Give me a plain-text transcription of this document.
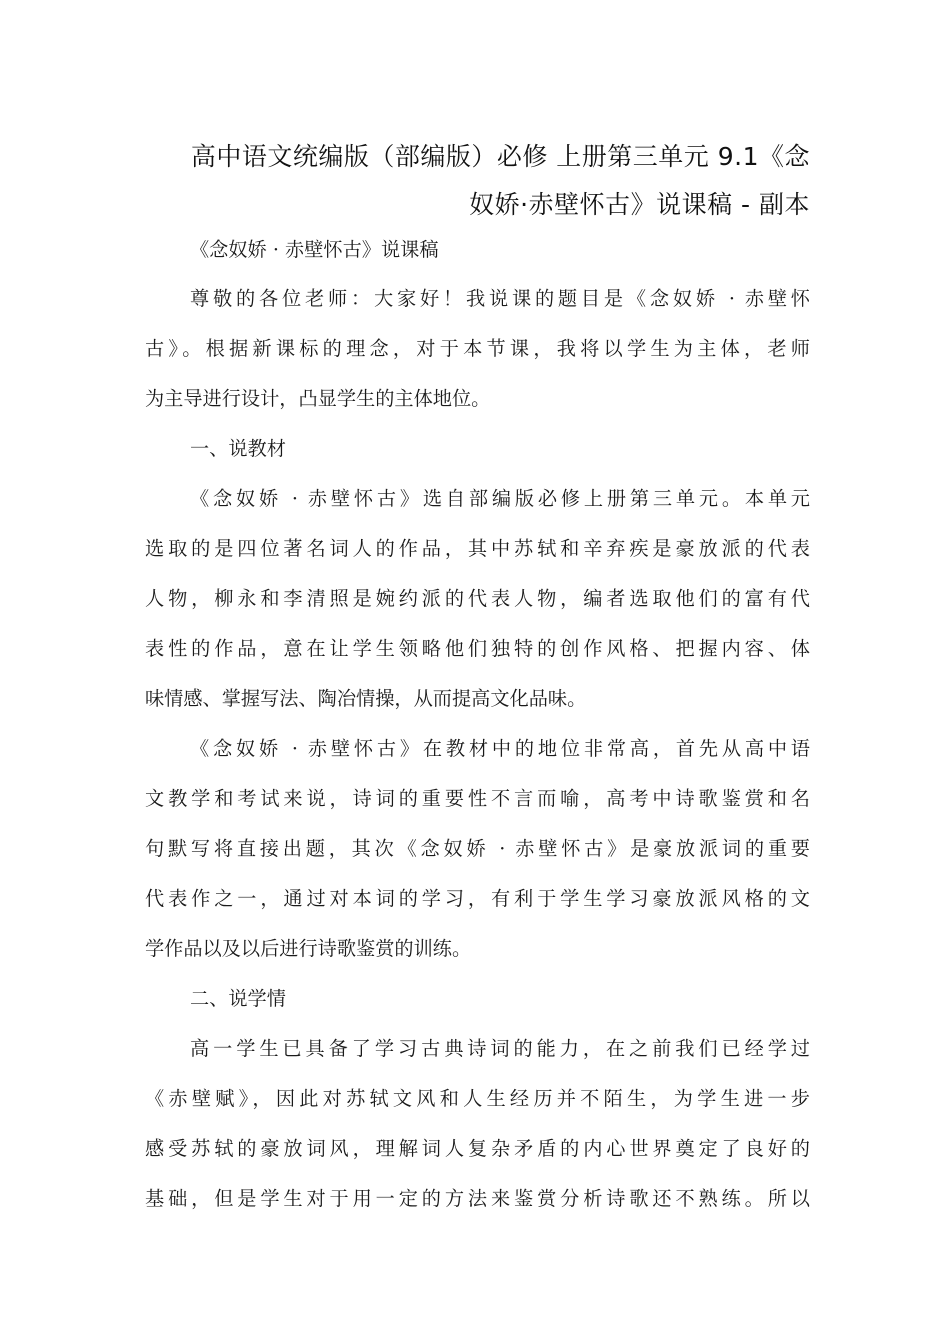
高中语文统编版（部编版）必修 上册第三单元 9.1《念
奴娇·赤壁怀古》说课稿 - 副本
《念奴娇 · 赤壁怀古》说课稿
尊敬的各位老师：大家好！我说课的题目是《念奴娇 · 赤壁怀
古》。根据新课标的理念，对于本节课，我将以学生为主体，老师
为主导进行设计，凸显学生的主体地位。
一、说教材
《念奴娇 · 赤壁怀古》选自部编版必修上册第三单元。本单元
选取的是四位著名词人的作品，其中苏轼和辛弃疾是豪放派的代表
人物，柳永和李清照是婉约派的代表人物，编者选取他们的富有代
表性的作品，意在让学生领略他们独特的创作风格、把握内容、体
味情感、掌握写法、陶冶情操，从而提高文化品味。
《念奴娇 · 赤壁怀古》在教材中的地位非常高，首先从高中语
文教学和考试来说，诗词的重要性不言而喻，高考中诗歌鉴赏和名
句默写将直接出题，其次《念奴娇 · 赤壁怀古》是豪放派词的重要
代表作之一，通过对本词的学习，有利于学生学习豪放派风格的文
学作品以及以后进行诗歌鉴赏的训练。
二、说学情
高一学生已具备了学习古典诗词的能力，在之前我们已经学过
《赤壁赋》，因此对苏轼文风和人生经历并不陌生，为学生进一步
感受苏轼的豪放词风，理解词人复杂矛盾的内心世界奠定了良好的
基础，但是学生对于用一定的方法来鉴赏分析诗歌还不熟练。所以
